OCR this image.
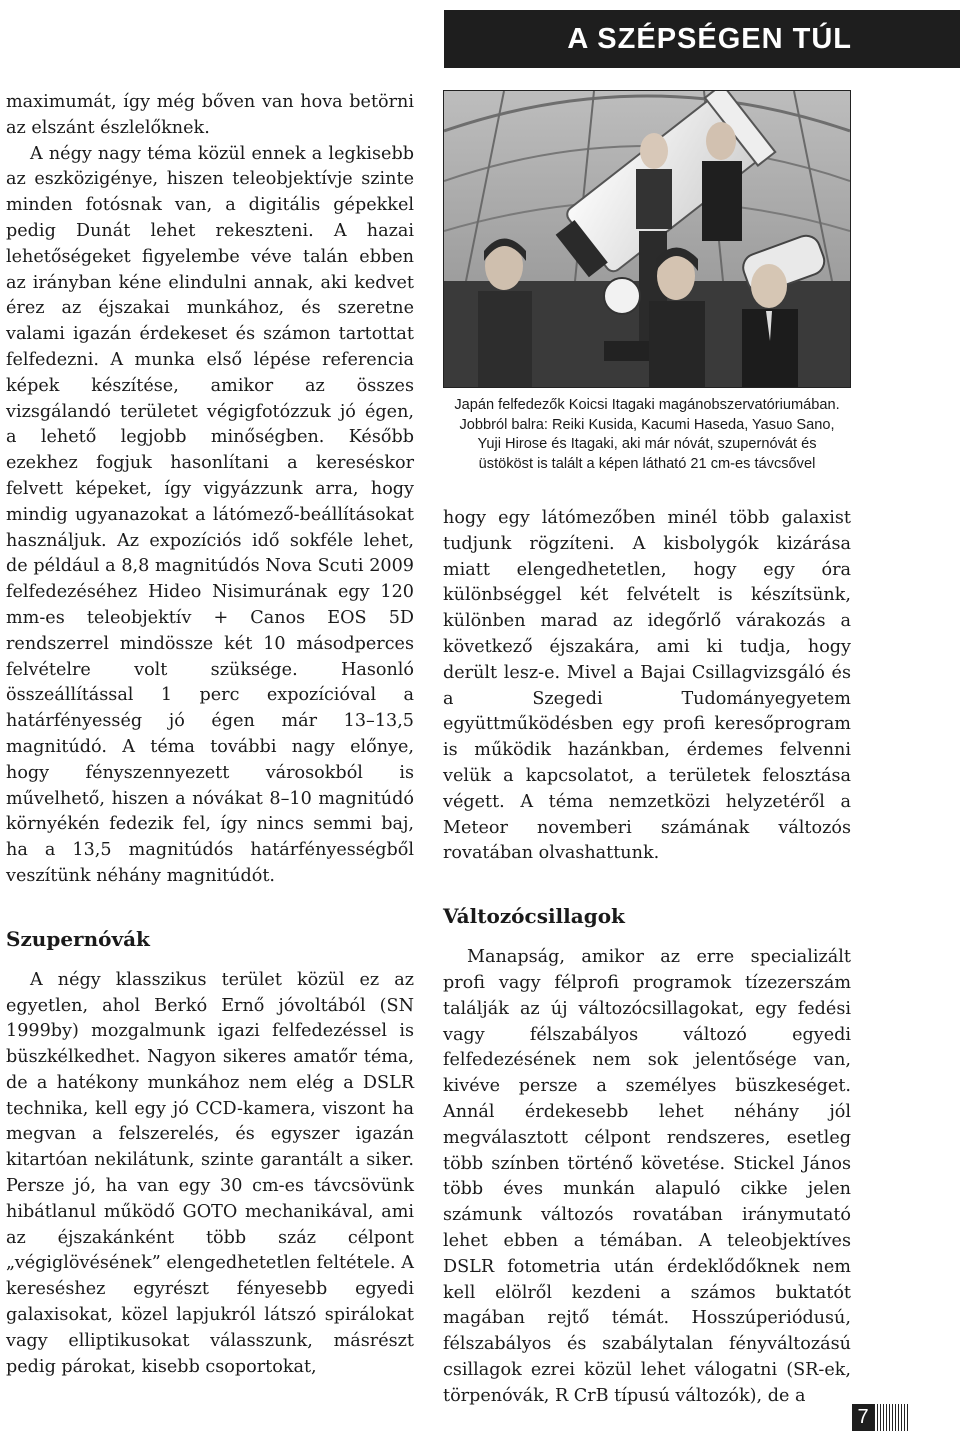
A SZÉPSÉGEN TÚL

maximumát, így még bőven van hova betörni az elszánt észlelőknek.

A négy nagy téma közül ennek a legkisebb az eszközigénye, hiszen teleobjektívje szinte minden fotósnak van, a digitális gépekkel pedig Dunát lehet rekeszteni. A hazai lehetőségeket figyelembe véve talán ebben az irányban kéne elindulni annak, aki kedvet érez az éjszakai munkához, és szeretne valami igazán érdekeset és számon tartottat felfedezni. A munka első lépése referencia képek készítése, amikor az összes vizsgálandó területet végigfotózzuk jó égen, a lehető legjobb minőségben. Később ezekhez fogjuk hasonlítani a kereséskor felvett képeket, így vigyázzunk arra, hogy mindig ugyanazokat a látómező-beállításokat használjuk. Az expozíciós idő sokféle lehet, de például a 8,8 magnitúdós Nova Scuti 2009 felfedezéséhez Hideo Nisimurának egy 120 mm-es teleobjektív + Canos EOS 5D rendszerrel mindössze két 10 másodperces felvételre volt szüksége. Hasonló összeállítással 1 perc expozícióval a határfényesség jó égen már 13–13,5 magnitúdó. A téma további nagy előnye, hogy fényszennyezett városokból is művelhető, hiszen a nóvákat 8–10 magnitúdó környékén fedezik fel, így nincs semmi baj, ha a 13,5 magnitúdós határfényességből veszítünk néhány magnitúdót.

Szupernóvák

A négy klasszikus terület közül ez az egyetlen, ahol Berkó Ernő jóvoltából (SN 1999by) mozgalmunk igazi felfedezéssel is büszkélkedhet. Nagyon sikeres amatőr téma, de a hatékony munkához nem elég a DSLR technika, kell egy jó CCD-kamera, viszont ha megvan a felszerelés, és egyszer igazán kitartóan nekilátunk, szinte garantált a siker. Persze jó, ha van egy 30 cm-es távcsövünk hibátlanul működő GOTO mechanikával, ami az éjszakánként több száz célpont „végiglövésének” elengedhetetlen feltétele. A kereséshez egyrészt fényesebb egyedi galaxisokat, közel lapjukról látszó spirálokat vagy elliptikusokat válasszunk, másrészt pedig párokat, kisebb csoportokat,

Japán felfedezők Koicsi Itagaki magánobszervatóriumában.
Jobbról balra: Reiki Kusida, Kacumi Haseda, Yasuo Sano,
Yuji Hirose és Itagaki, aki már nóvát, szupernóvát és
üstököst is talált a képen látható 21 cm-es távcsővel

hogy egy látómezőben minél több galaxist tudjunk rögzíteni. A kisbolygók kizárása miatt elengedhetetlen, hogy egy óra különbséggel két felvételt is készítsünk, különben marad az idegőrlő várakozás a következő éjszakára, ami ki tudja, hogy derült lesz-e. Mivel a Bajai Csillagvizsgáló és a Szegedi Tudományegyetem együttműködésben egy profi keresőprogram is működik hazánkban, érdemes felvenni velük a kapcsolatot, a területek felosztása végett. A téma nemzetközi helyzetéről a Meteor novemberi számának változós rovatában olvashattunk.

Változócsillagok

Manapság, amikor az erre specializált profi vagy félprofi programok tízezerszám találják az új változócsillagokat, egy fedési vagy félszabályos változó egyedi felfedezésének nem sok jelentősége van, kivéve persze a személyes büszkeséget. Annál érdekesebb lehet néhány jól megválasztott célpont rendszeres, esetleg több színben történő követése. Stickel János több éves munkán alapuló cikke jelen számunk változós rovatában iránymutató lehet ebben a témában. A teleobjektíves DSLR fotometria után érdeklődőknek nem kell elölről kezdeni a számos buktatót magában rejtő témát. Hosszúperiódusú, félszabályos és szabálytalan fényváltozású csillagok ezrei közül lehet válogatni (SR-ek, törpenóvák, R CrB típusú változók), de a

7
